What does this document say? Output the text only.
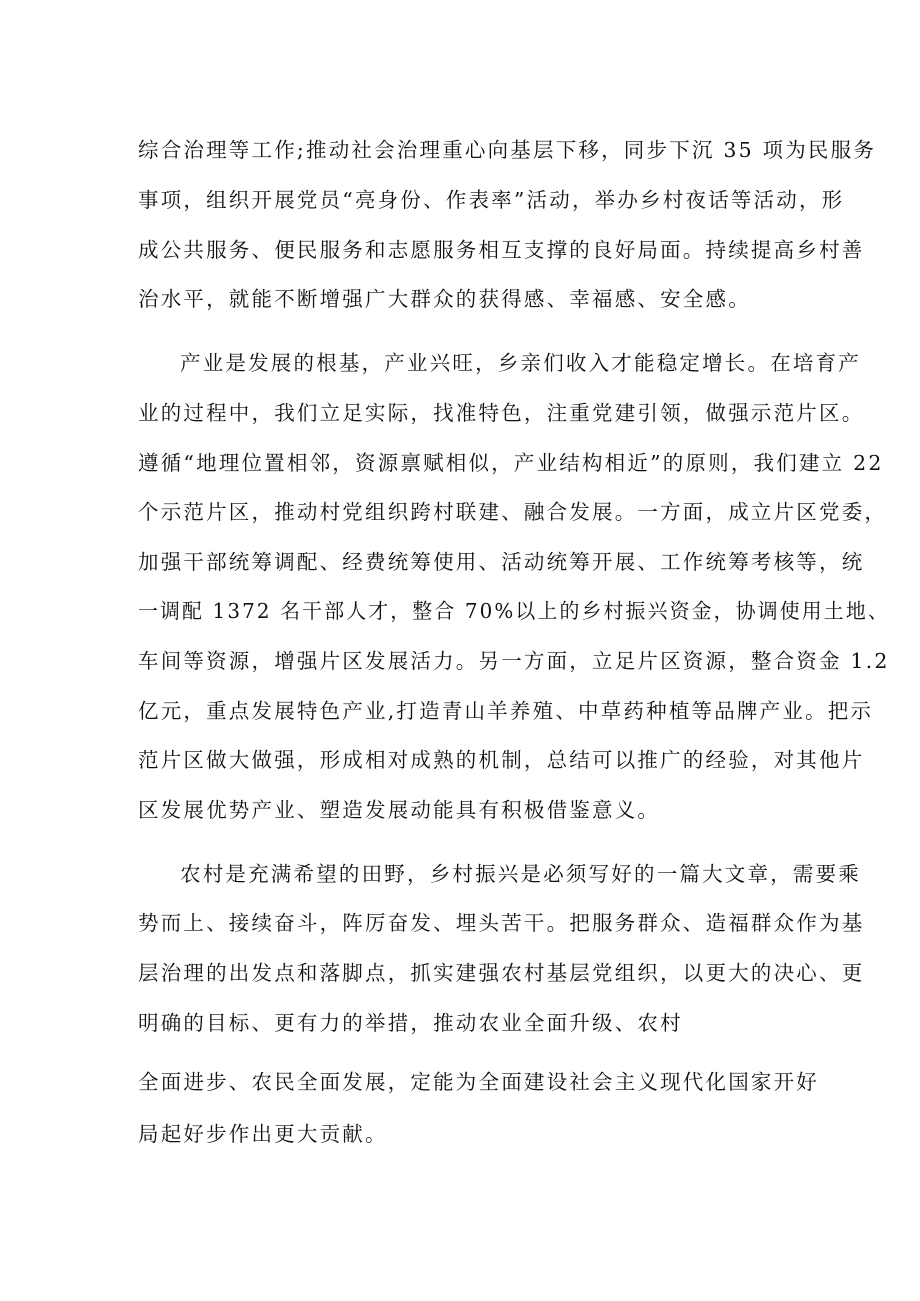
综合治理等工作;推动社会治理重心向基层下移，同步下沉 35 项为民服务
事项，组织开展党员“亮身份、作表率”活动，举办乡村夜话等活动，形
成公共服务、便民服务和志愿服务相互支撑的良好局面。持续提高乡村善
治水平，就能不断增强广大群众的获得感、幸福感、安全感。
产业是发展的根基，产业兴旺，乡亲们收入才能稳定增长。在培育产
业的过程中，我们立足实际，找准特色，注重党建引领，做强示范片区。
遵循“地理位置相邻，资源禀赋相似，产业结构相近”的原则，我们建立 22
个示范片区，推动村党组织跨村联建、融合发展。一方面，成立片区党委，
加强干部统筹调配、经费统筹使用、活动统筹开展、工作统筹考核等，统
一调配 1372 名干部人才，整合 70%以上的乡村振兴资金，协调使用土地、
车间等资源，增强片区发展活力。另一方面，立足片区资源，整合资金 1.2
亿元，重点发展特色产业,打造青山羊养殖、中草药种植等品牌产业。把示
范片区做大做强，形成相对成熟的机制，总结可以推广的经验，对其他片
区发展优势产业、塑造发展动能具有积极借鉴意义。
农村是充满希望的田野，乡村振兴是必须写好的一篇大文章，需要乘
势而上、接续奋斗，阵厉奋发、埋头苦干。把服务群众、造福群众作为基
层治理的出发点和落脚点，抓实建强农村基层党组织，以更大的决心、更
明确的目标、更有力的举措，推动农业全面升级、农村
全面进步、农民全面发展，定能为全面建设社会主义现代化国家开好
局起好步作出更大贡献。
